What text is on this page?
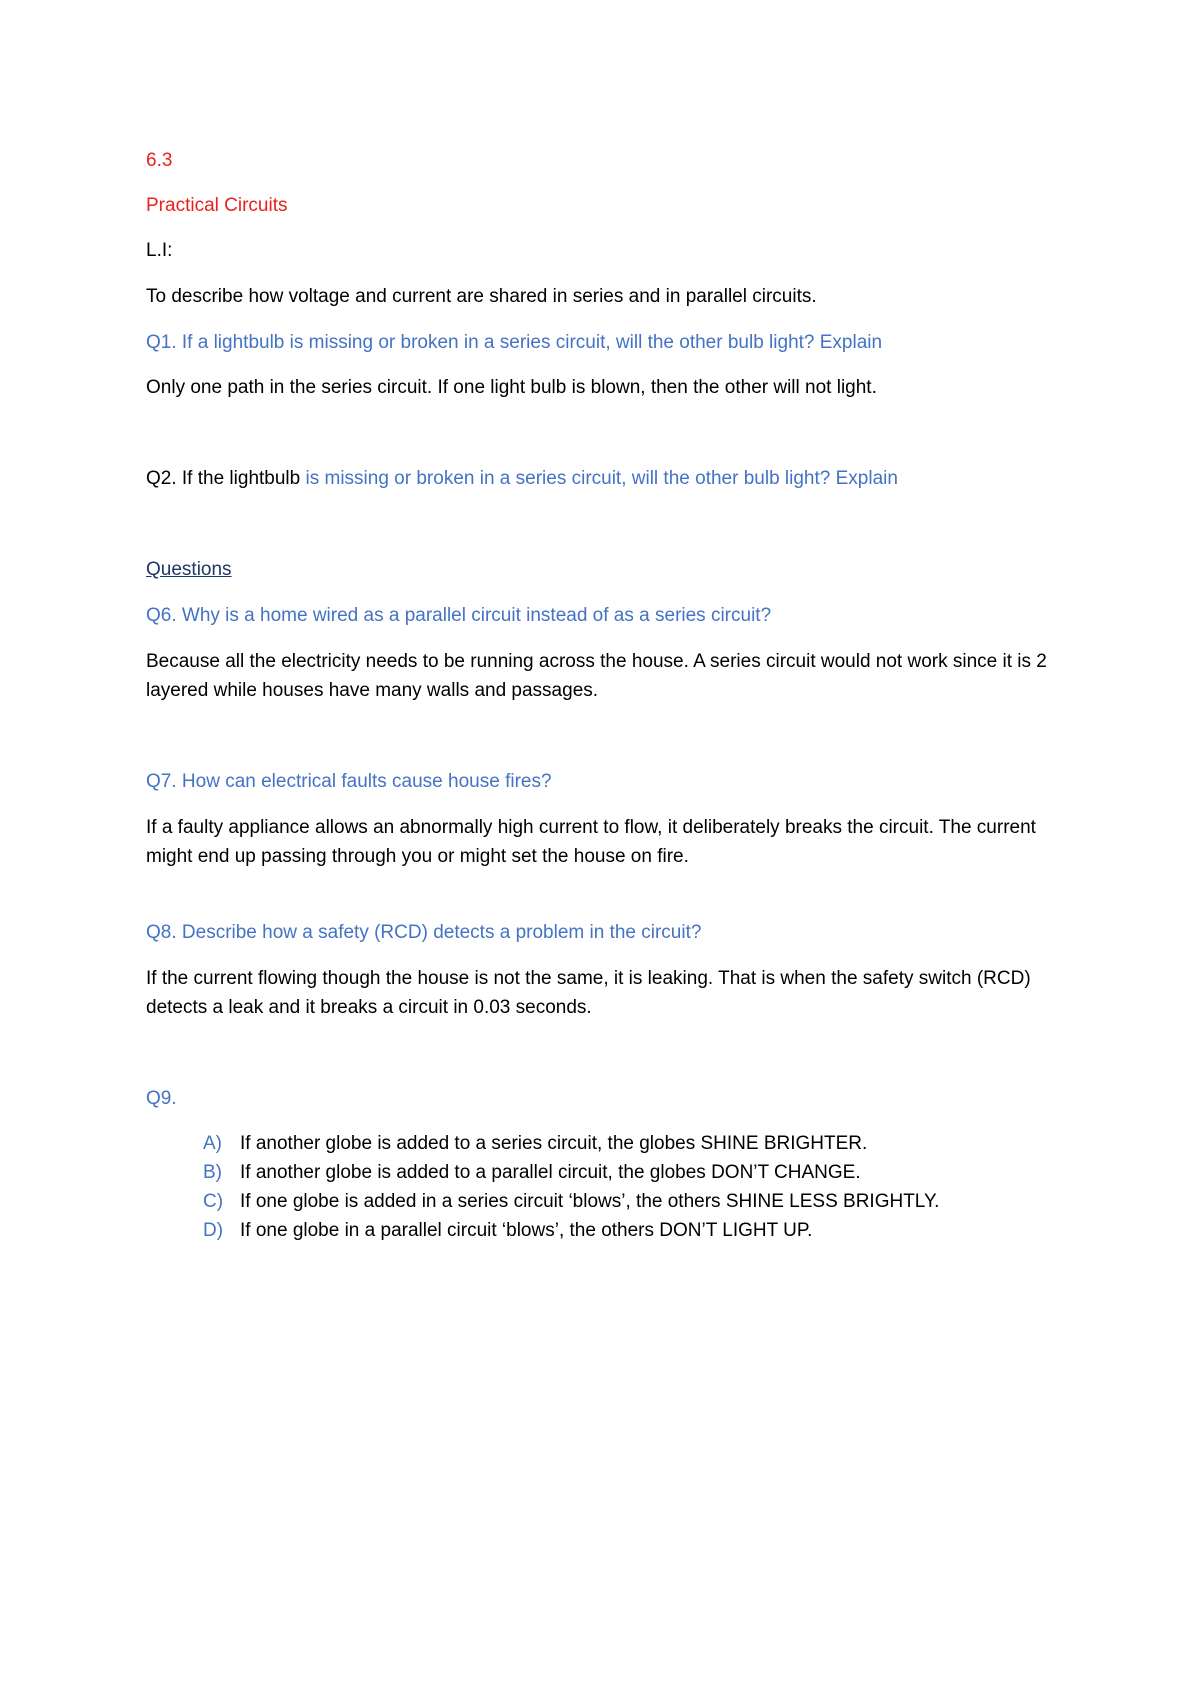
6.3
Practical Circuits
L.I:
To describe how voltage and current are shared in series and in parallel circuits.
Q1. If a lightbulb is missing or broken in a series circuit, will the other bulb light? Explain
Only one path in the series circuit. If one light bulb is blown, then the other will not light.
Q2. If the lightbulb is missing or broken in a series circuit, will the other bulb light? Explain
Questions
Q6. Why is a home wired as a parallel circuit instead of as a series circuit?
Because all the electricity needs to be running across the house. A series circuit would not work since it is 2 layered while houses have many walls and passages.
Q7. How can electrical faults cause house fires?
If a faulty appliance allows an abnormally high current to flow, it deliberately breaks the circuit. The current might end up passing through you or might set the house on fire.
Q8. Describe how a safety (RCD) detects a problem in the circuit?
If the current flowing though the house is not the same, it is leaking. That is when the safety switch (RCD) detects a leak and it breaks a circuit in 0.03 seconds.
Q9.
A) If another globe is added to a series circuit, the globes SHINE BRIGHTER.
B) If another globe is added to a parallel circuit, the globes DON’T CHANGE.
C) If one globe is added in a series circuit ‘blows’, the others SHINE LESS BRIGHTLY.
D) If one globe in a parallel circuit ‘blows’, the others DON’T LIGHT UP.
